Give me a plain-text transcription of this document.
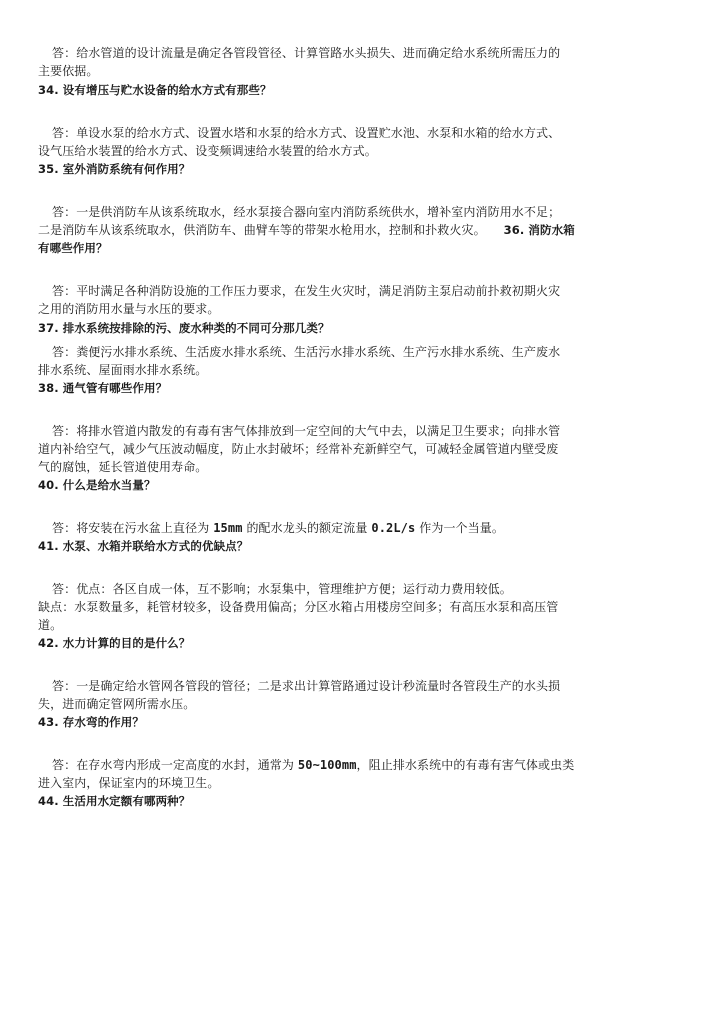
答：给水管道的设计流量是确定各管段管径、计算管路水头损失、进而确定给水系统所需压力的
主要依据。
34. 设有增压与贮水设备的给水方式有那些？
答：单设水泵的给水方式、设置水塔和水泵的给水方式、设置贮水池、水泵和水箱的给水方式、
设气压给水装置的给水方式、设变频调速给水装置的给水方式。
35. 室外消防系统有何作用？
答：一是供消防车从该系统取水，经水泵接合器向室内消防系统供水，增补室内消防用水不足；
二是消防车从该系统取水，供消防车、曲臂车等的带架水枪用水，控制和扑救火灾。 36. 消防水箱
有哪些作用？
答：平时满足各种消防设施的工作压力要求，在发生火灾时，满足消防主泵启动前扑救初期火灾
之用的消防用水量与水压的要求。
37. 排水系统按排除的污、废水种类的不同可分那几类？
答：粪便污水排水系统、生活废水排水系统、生活污水排水系统、生产污水排水系统、生产废水
排水系统、屋面雨水排水系统。
38. 通气管有哪些作用？
答：将排水管道内散发的有毒有害气体排放到一定空间的大气中去，以满足卫生要求；向排水管
道内补给空气，减少气压波动幅度，防止水封破坏；经常补充新鲜空气，可减轻金属管道内壁受废
气的腐蚀，延长管道使用寿命。
40. 什么是给水当量？
答：将安装在污水盆上直径为 15mm 的配水龙头的额定流量 0.2L/s 作为一个当量。
41. 水泵、水箱并联给水方式的优缺点？
答：优点：各区自成一体，互不影响；水泵集中，管理维护方便；运行动力费用较低。
缺点：水泵数量多，耗管材较多，设备费用偏高；分区水箱占用楼房空间多；有高压水泵和高压管
道。
42. 水力计算的目的是什么？
答：一是确定给水管网各管段的管径；二是求出计算管路通过设计秒流量时各管段生产的水头损
失，进而确定管网所需水压。
43. 存水弯的作用？
答：在存水弯内形成一定高度的水封，通常为 50~100mm，阻止排水系统中的有毒有害气体或虫类
进入室内，保证室内的环境卫生。
44. 生活用水定额有哪两种？
